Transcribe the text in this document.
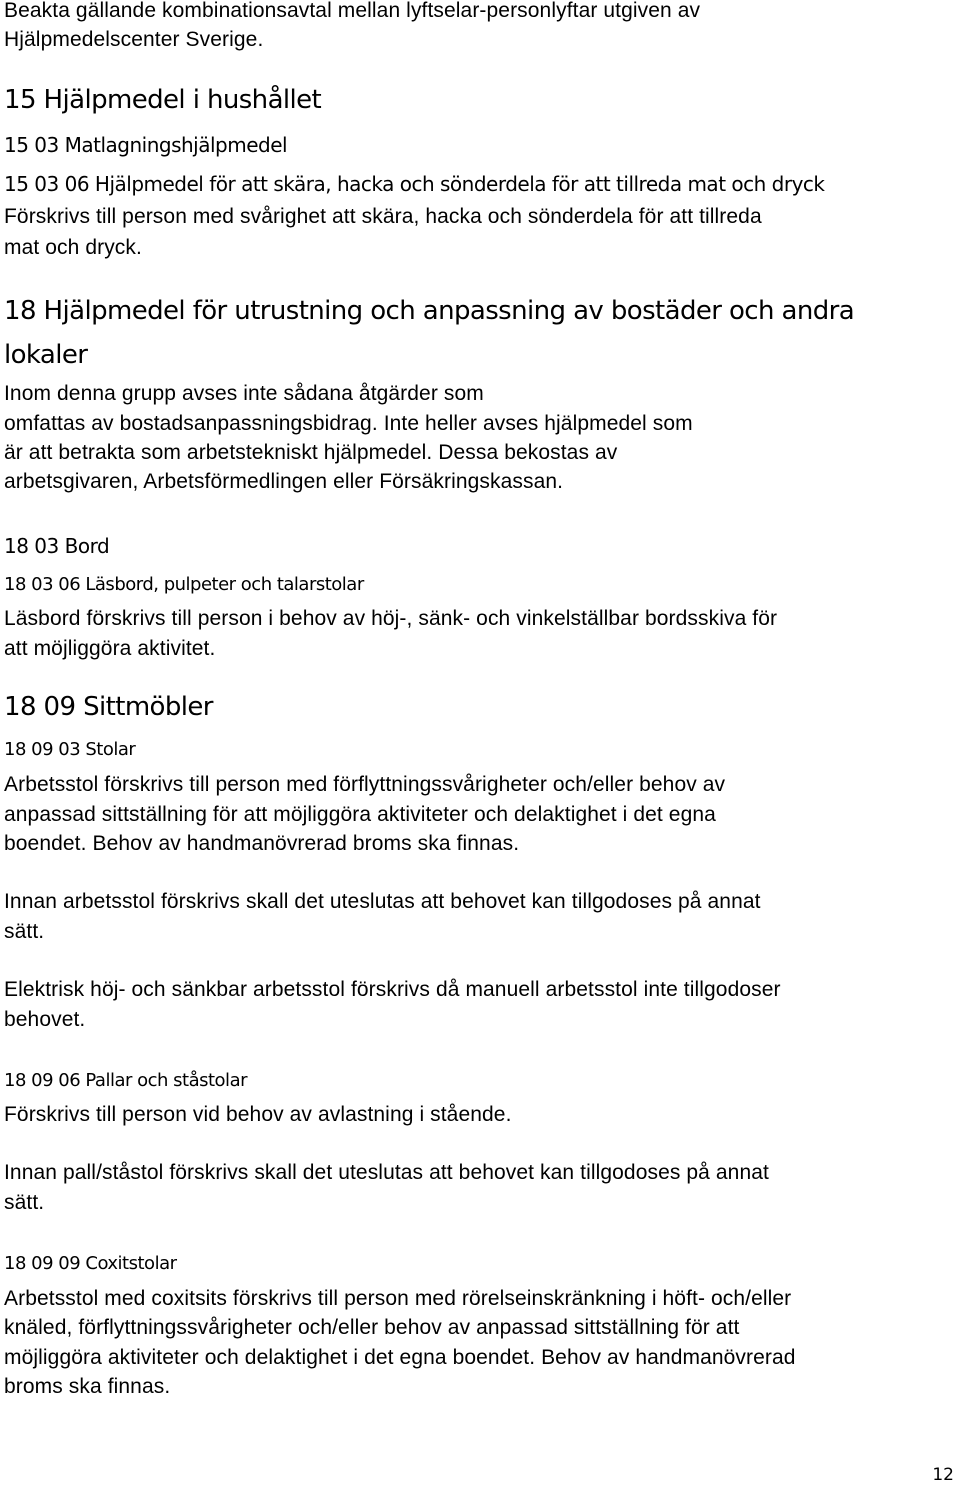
Beakta gällande kombinationsavtal mellan lyftselar-personlyftar utgiven av

Hjälpmedelscenter Sverige.

15 Hjälpmedel i hushållet
15 03 Matlagningshjälpmedel
15 03 06 Hjälpmedel för att skära, hacka och sönderdela för att tillreda mat och dryck

Förskrivs till person med svårighet att skära, hacka och sönderdela för att tillreda

mat och dryck.

18 Hjälpmedel för utrustning och anpassning av bostäder och andra
lokaler

Inom denna grupp avses inte sådana åtgärder som

omfattas av bostadsanpassningsbidrag. Inte heller avses hjälpmedel som

är att betrakta som arbetstekniskt hjälpmedel. Dessa bekostas av

arbetsgivaren, Arbetsförmedlingen eller Försäkringskassan.

18 03 Bord
18 03 06 Läsbord, pulpeter och talarstolar

Läsbord förskrivs till person i behov av höj-, sänk- och vinkelställbar bordsskiva för

att möjliggöra aktivitet.

18 09 Sittmöbler
18 09 03 Stolar

Arbetsstol förskrivs till person med förflyttningssvårigheter och/eller behov av

anpassad sittställning för att möjliggöra aktiviteter och delaktighet i det egna

boendet. Behov av handmanövrerad broms ska finnas.

Innan arbetsstol förskrivs skall det uteslutas att behovet kan tillgodoses på annat

sätt.

Elektrisk höj- och sänkbar arbetsstol förskrivs då manuell arbetsstol inte tillgodoser

behovet.

18 09 06 Pallar och ståstolar

Förskrivs till person vid behov av avlastning i stående.

Innan pall/ståstol förskrivs skall det uteslutas att behovet kan tillgodoses på annat

sätt.

18 09 09 Coxitstolar

Arbetsstol med coxitsits förskrivs till person med rörelseinskränkning i höft- och/eller

knäled, förflyttningssvårigheter och/eller behov av anpassad sittställning för att

möjliggöra aktiviteter och delaktighet i det egna boendet. Behov av handmanövrerad

broms ska finnas.

12
